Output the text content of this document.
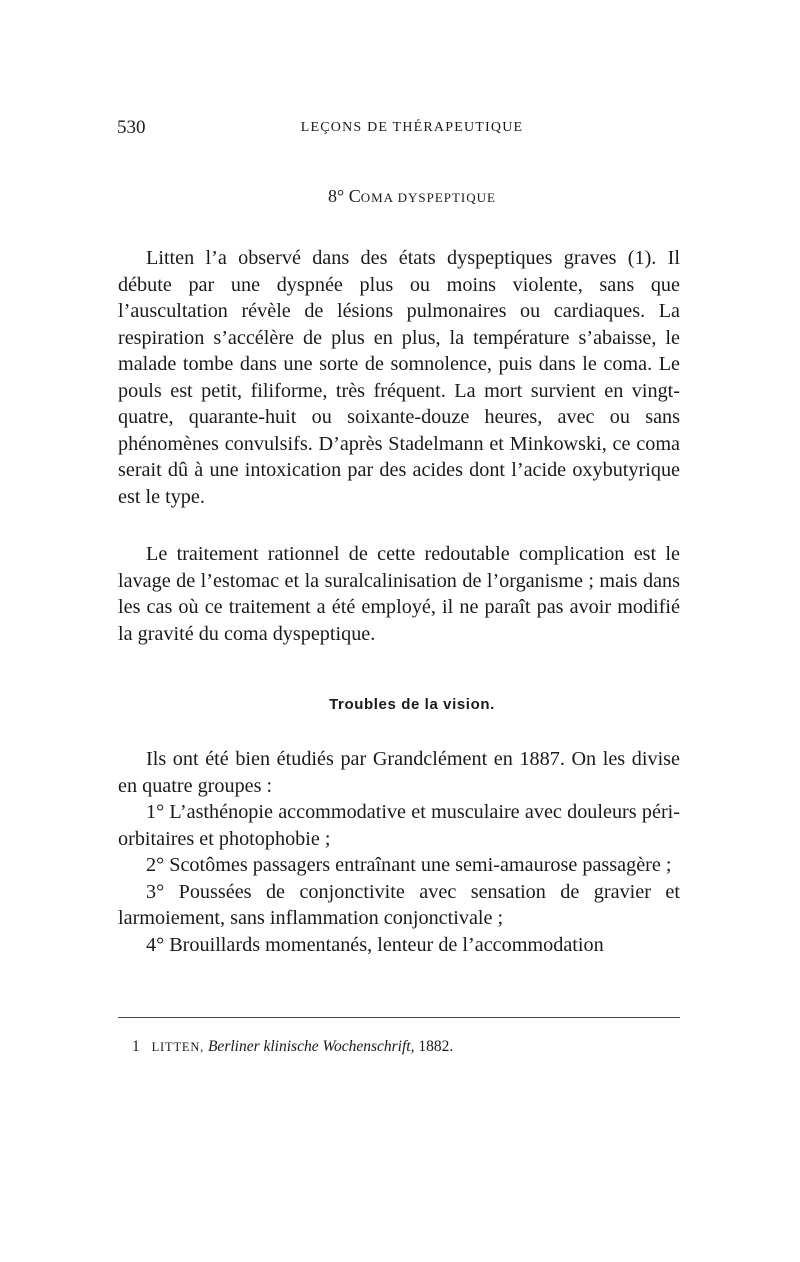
530	LEÇONS DE THÉRAPEUTIQUE
8° COMA DYSPEPTIQUE

Litten l’a observé dans des états dyspeptiques graves (1). Il débute par une dyspnée plus ou moins violente, sans que l’auscultation révèle de lésions pulmonaires ou cardiaques. La respiration s’accélère de plus en plus, la température s’abaisse, le malade tombe dans une sorte de somnolence, puis dans le coma. Le pouls est petit, filiforme, très fréquent. La mort survient en vingt-quatre, quarante-huit ou soixante-douze heures, avec ou sans phénomènes convulsifs. D’après Stadelmann et Minkowski, ce coma serait dû à une intoxication par des acides dont l’acide oxybutyrique est le type.

Le traitement rationnel de cette redoutable complication est le lavage de l’estomac et la suralcalinisation de l’organisme ; mais dans les cas où ce traitement a été employé, il ne paraît pas avoir modifié la gravité du coma dyspeptique.

Troubles de la vision.
Ils ont été bien étudiés par Grandclément en 1887. On les divise en quatre groupes :
1° L’asthénopie accommodative et musculaire avec douleurs péri-orbitaires et photophobie ;
2° Scotômes passagers entraînant une semi-amaurose passagère ;
3° Poussées de conjonctivite avec sensation de gravier et larmoiement, sans inflammation conjonctivale ;
4° Brouillards momentanés, lenteur de l’accommodation
1 LITTEN, Berliner klinische Wochenschrift, 1882.
